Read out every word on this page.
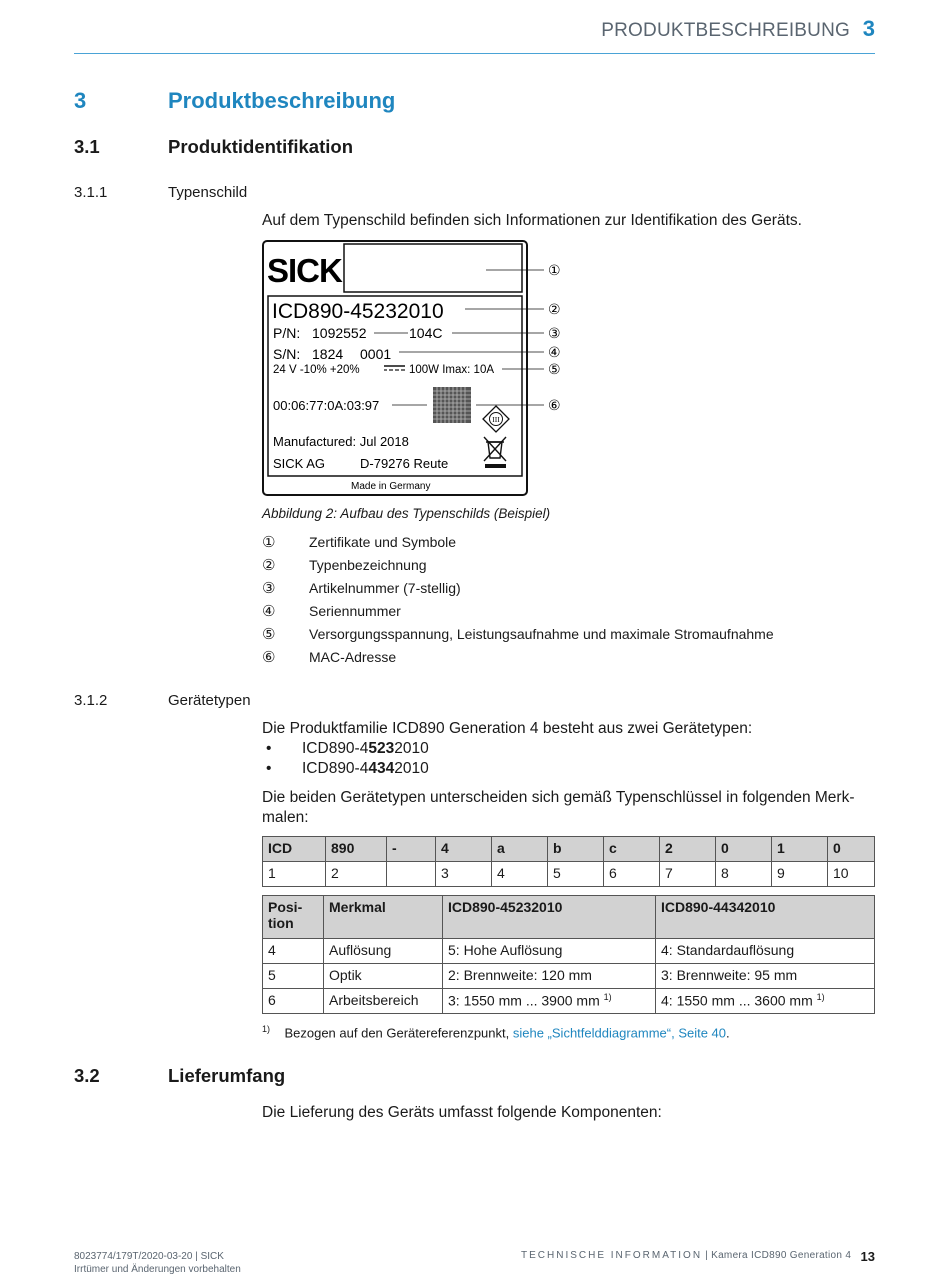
PRODUKTBESCHREIBUNG 3
3	Produktbeschreibung
3.1	Produktidentifikation
3.1.1	Typenschild
Auf dem Typenschild befinden sich Informationen zur Identifikation des Geräts.
SICK
ICD890-45232010
P/N: 1092552	104C
S/N: 1824 0001
24 V -10% +20%	100W Imax: 10A
00:06:77:0A:03:97
III
Manufactured: Jul 2018
SICK AG	D-79276 Reute
Made in Germany
①
②
③
④
⑤
⑥
Abbildung 2: Aufbau des Typenschilds (Beispiel)
①	Zertifikate und Symbole
②	Typenbezeichnung
③	Artikelnummer (7-stellig)
④	Seriennummer
⑤	Versorgungsspannung, Leistungsaufnahme und maximale Stromaufnahme
⑥	MAC-Adresse
3.1.2	Gerätetypen
Die Produktfamilie ICD890 Generation 4 besteht aus zwei Gerätetypen:
•	ICD890-4 523 2010
•	ICD890-4 434 2010
Die beiden Gerätetypen unterscheiden sich gemäß Typenschlüssel in folgenden Merk-malen:
ICD	890	-	4	a	b	c	2	0	1	0
1	2		3	4	5	6	7	8	9	10
Posi-tion	Merkmal	ICD890-45232010	ICD890-44342010
4	Auflösung	5: Hohe Auflösung	4: Standardauflösung
5	Optik	2: Brennweite: 120 mm	3: Brennweite: 95 mm
6	Arbeitsbereich	3: 1550 mm ... 3900 mm $^{1)}$	4: 1550 mm ... 3600 mm $^{1)}$
$^{1)}$ Bezogen auf den Gerätereferenzpunkt, siehe „Sichtfelddiagramme“, Seite 40.
3.2	Lieferumfang
Die Lieferung des Geräts umfasst folgende Komponenten:
8023774/179T/2020-03-20 | SICK
Irrtümer und Änderungen vorbehalten
TECHNISCHE INFORMATION | Kamera ICD890 Generation 4 13
